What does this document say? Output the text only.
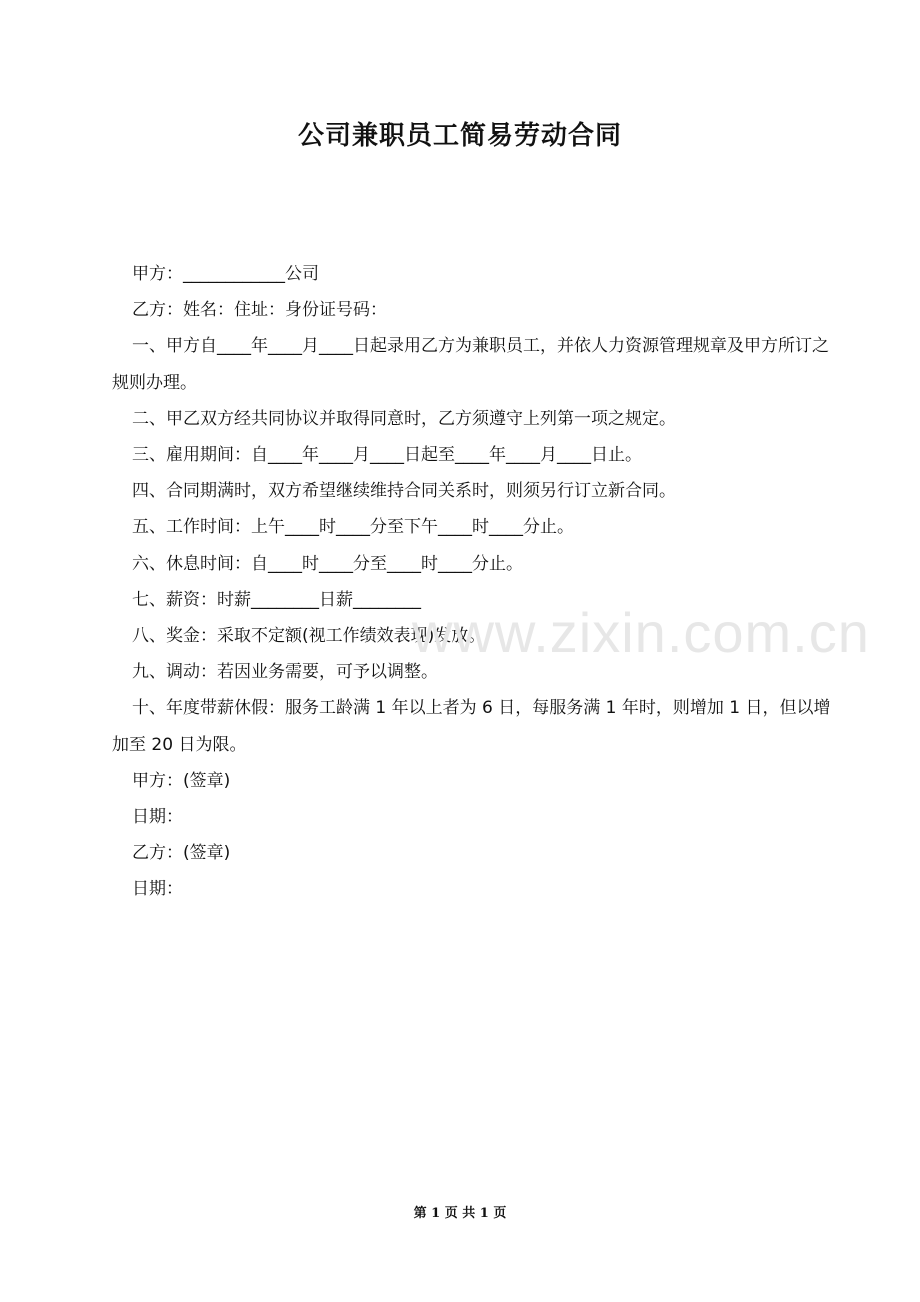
公司兼职员工简易劳动合同

甲方：____________公司

乙方：姓名：住址：身份证号码：

一、甲方自____年____月____日起录用乙方为兼职员工，并依人力资源管理规章及甲方所订之规则办理。

二、甲乙双方经共同协议并取得同意时，乙方须遵守上列第一项之规定。

三、雇用期间：自____年____月____日起至____年____月____日止。

四、合同期满时，双方希望继续维持合同关系时，则须另行订立新合同。

五、工作时间：上午____时____分至下午____时____分止。

六、休息时间：自____时____分至____时____分止。

七、薪资：时薪________日薪________

八、奖金：采取不定额(视工作绩效表现)发放。

九、调动：若因业务需要，可予以调整。

十、年度带薪休假：服务工龄满 1 年以上者为 6 日，每服务满 1 年时，则增加 1 日，但以增加至 20 日为限。

甲方：(签章)

日期：

乙方：(签章)

日期：

www.zixin.com.cn
第 1 页 共 1 页
